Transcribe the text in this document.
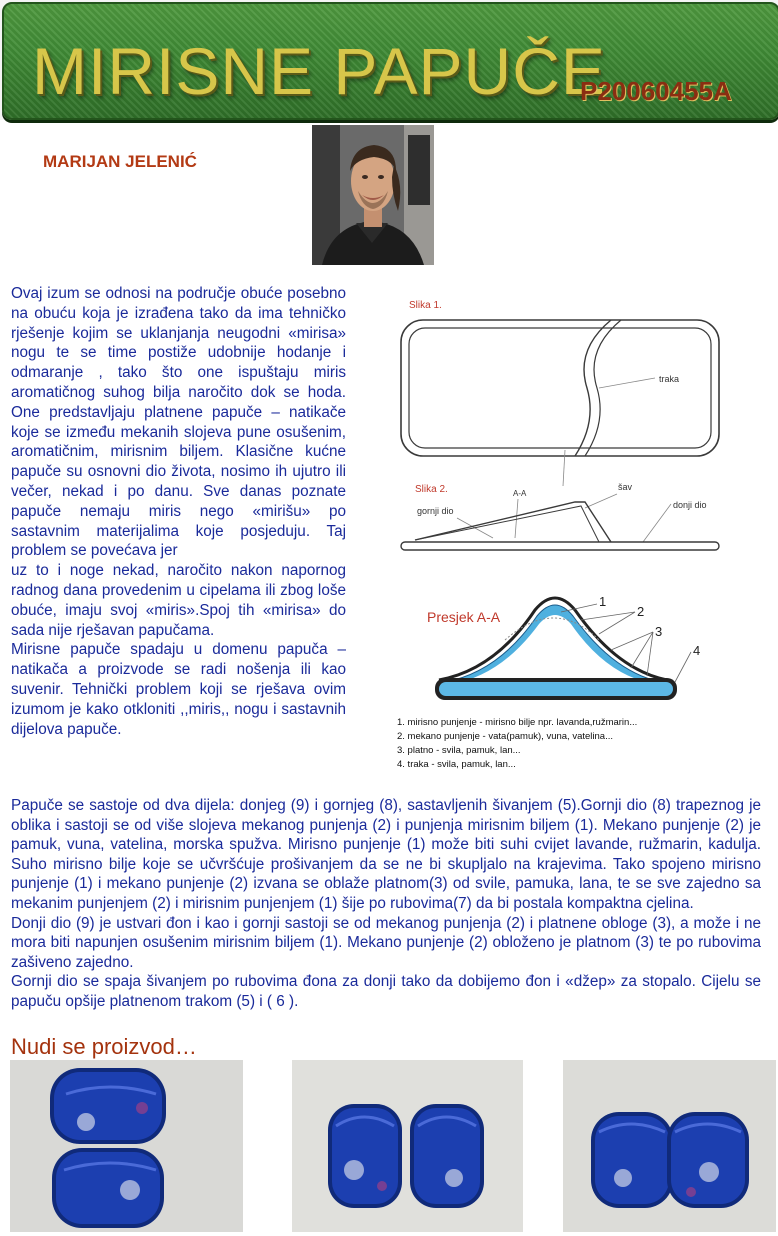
MIRISNE PAPUČE
P20060455A
MARIJAN JELENIĆ

Ovaj izum se odnosi na područje obuće posebno na obuću koja je izrađena tako da ima tehničko rješenje kojim se uklanjanja neugodni «mirisa» nogu te se time postiže udobnije hodanje i odmaranje , tako što one ispuštaju miris aromatičnog suhog bilja naročito dok se hoda. One predstavljaju platnene papuče – natikače koje se između mekanih slojeva pune osušenim, aromatičnim, mirisnim biljem. Klasične kućne papuče su osnovni dio života, nosimo ih ujutro ili večer, nekad i po danu. Sve danas poznate papuče nemaju miris nego «mirišu» po sastavnim materijalima koje posjeduju. Taj problem se povećava jer

uz to i noge nekad, naročito nakon napornog radnog dana provedenim u cipelama ili zbog loše obuće, imaju svoj «miris».Spoj tih «mirisa» do sada nije rješavan papučama.

Mirisne papuče spadaju u domenu papuča – natikača a proizvode se radi nošenja ili kao suvenir. Tehnički problem koji se rješava ovim izumom je kako otkloniti ,,miris,, nogu i sastavnih dijelova papuče.

Slika 1.
traka
Slika 2.	A-A
šav
gornji dio
donji dio
Presjek A-A
1
2
3
4
1. mirisno punjenje - mirisno bilje npr. lavanda,ružmarin...
2. mekano punjenje - vata(pamuk), vuna, vatelina...
3. platno - svila, pamuk, lan...
4. traka - svila, pamuk, lan...

Papuče se sastoje od dva dijela: donjeg (9) i gornjeg (8), sastavljenih šivanjem (5).Gornji dio (8) trapeznog je oblika i sastoji se od više slojeva mekanog punjenja (2) i punjenja mirisnim biljem (1). Mekano punjenje (2) je pamuk, vuna, vatelina, morska spužva. Mirisno punjenje (1) može biti suhi cvijet lavande, ružmarin, kadulja. Suho mirisno bilje koje se učvršćuje prošivanjem da se ne bi skupljalo na krajevima. Tako spojeno mirisno punjenje (1) i mekano punjenje (2) izvana se oblaže platnom(3) od svile, pamuka, lana, te se sve zajedno sa mekanim punjenjem (2) i mirisnim punjenjem (1) šije po rubovima(7) da bi postala kompaktna cjelina.

Donji dio (9) je ustvari đon i kao i gornji sastoji se od mekanog punjenja (2) i platnene obloge (3), a može i ne mora biti napunjen osušenim mirisnim biljem (1). Mekano punjenje (2) obloženo je platnom (3) te po rubovima zašiveno zajedno.

Gornji dio se spaja šivanjem po rubovima đona za donji tako da dobijemo đon i «džep» za stopalo. Cijelu se papuču opšije platnenom trakom (5) i ( 6 ).

Nudi se proizvod…
